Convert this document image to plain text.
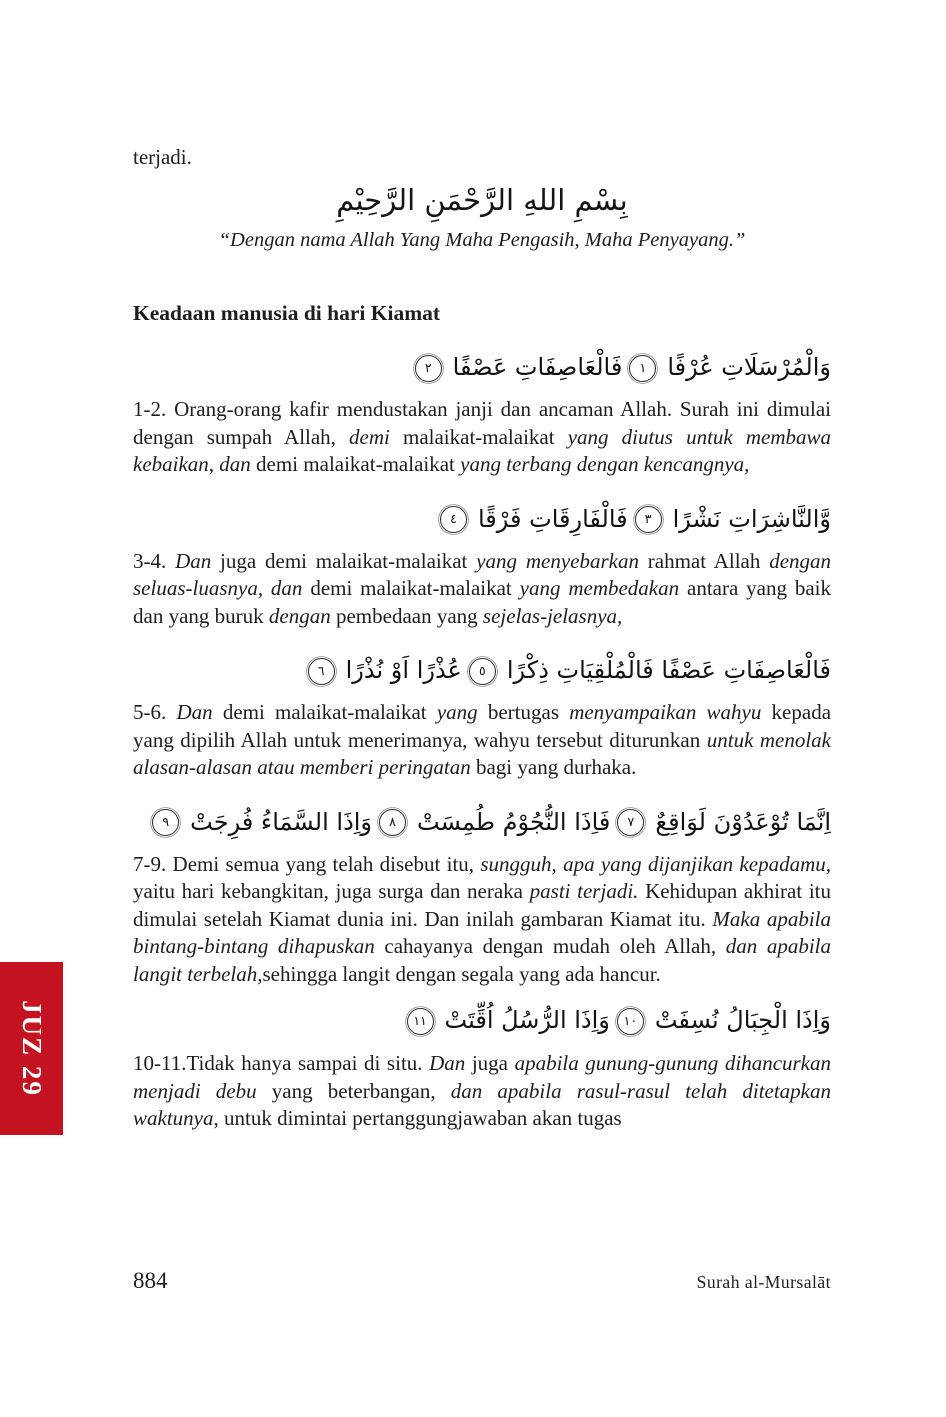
terjadi.

بِسْمِ اللهِ الرَّحْمَنِ الرَّحِيْمِ
“Dengan nama Allah Yang Maha Pengasih, Maha Penyayang.”
Keadaan manusia di hari Kiamat
وَالْمُرْسَلَاتِ عُرْفًا١فَالْعَاصِفَاتِ عَصْفًا٢

1-2. Orang-orang kafir mendustakan janji dan ancaman Allah. Surah ini dimulai dengan sumpah Allah, demi malaikat-malaikat yang diutus untuk membawa kebaikan, dan demi malaikat-malaikat yang terbang dengan kencangnya,

وَّالنَّاشِرَاتِ نَشْرًا٣فَالْفَارِقَاتِ فَرْقًا٤

3-4. Dan juga demi malaikat-malaikat yang menyebarkan rahmat Allah dengan seluas-luasnya, dan demi malaikat-malaikat yang membedakan antara yang baik dan yang buruk dengan pembedaan yang sejelas-jelasnya,

فَالْعَاصِفَاتِ عَصْفًا فَالْمُلْقِيَاتِ ذِكْرًا٥عُذْرًا اَوْ نُذْرًا٦

5-6. Dan demi malaikat-malaikat yang bertugas menyampaikan wahyu kepada yang dipilih Allah untuk menerimanya, wahyu tersebut diturunkan untuk menolak alasan-alasan atau memberi peringatan bagi yang durhaka.

اِنَّمَا تُوْعَدُوْنَ لَوَاقِعٌ٧فَاِذَا النُّجُوْمُ طُمِسَتْ٨وَاِذَا السَّمَاءُ فُرِجَتْ٩

7-9. Demi semua yang telah disebut itu, sungguh, apa yang dijanjikan kepadamu, yaitu hari kebangkitan, juga surga dan neraka pasti terjadi. Kehidupan akhirat itu dimulai setelah Kiamat dunia ini. Dan inilah gambaran Kiamat itu. Maka apabila bintang-bintang dihapuskan cahayanya dengan mudah oleh Allah, dan apabila langit terbelah,sehingga langit dengan segala yang ada hancur.

وَاِذَا الْجِبَالُ نُسِفَتْ١٠وَاِذَا الرُّسُلُ اُقِّتَتْ١١

10-11.Tidak hanya sampai di situ. Dan juga apabila gunung-gunung dihancurkan menjadi debu yang beterbangan, dan apabila rasul-rasul telah ditetapkan waktunya, untuk dimintai pertanggungjawaban akan tugas

JUZ 29
884	Surah al-Mursalāt
